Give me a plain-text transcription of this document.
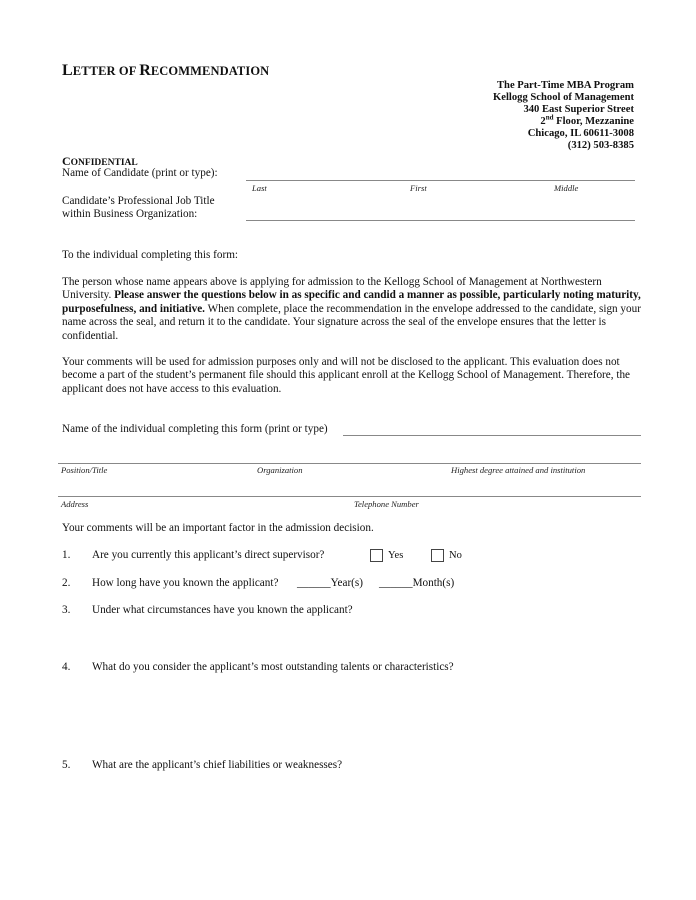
LETTER OF RECOMMENDATION
The Part-Time MBA Program
Kellogg School of Management
340 East Superior Street
2nd Floor, Mezzanine
Chicago, IL 60611-3008
(312) 503-8385
CONFIDENTIAL
Name of Candidate (print or type):
Last	First	Middle
Candidate’s Professional Job Title
within Business Organization:
To the individual completing this form:
The person whose name appears above is applying for admission to the Kellogg School of Management at Northwestern University. Please answer the questions below in as specific and candid a manner as possible, particularly noting maturity, purposefulness, and initiative. When complete, place the recommendation in the envelope addressed to the candidate, sign your name across the seal, and return it to the candidate. Your signature across the seal of the envelope ensures that the letter is confidential.
Your comments will be used for admission purposes only and will not be disclosed to the applicant. This evaluation does not become a part of the student’s permanent file should this applicant enroll at the Kellogg School of Management. Therefore, the applicant does not have access to this evaluation.
Name of the individual completing this form (print or type)
Position/Title	Organization	Highest degree attained and institution
Address	Telephone Number
Your comments will be an important factor in the admission decision.
1. Are you currently this applicant’s direct supervisor?	Yes	No
2. How long have you known the applicant? ______Year(s) ______Month(s)
3. Under what circumstances have you known the applicant?
4. What do you consider the applicant’s most outstanding talents or characteristics?
5. What are the applicant’s chief liabilities or weaknesses?
